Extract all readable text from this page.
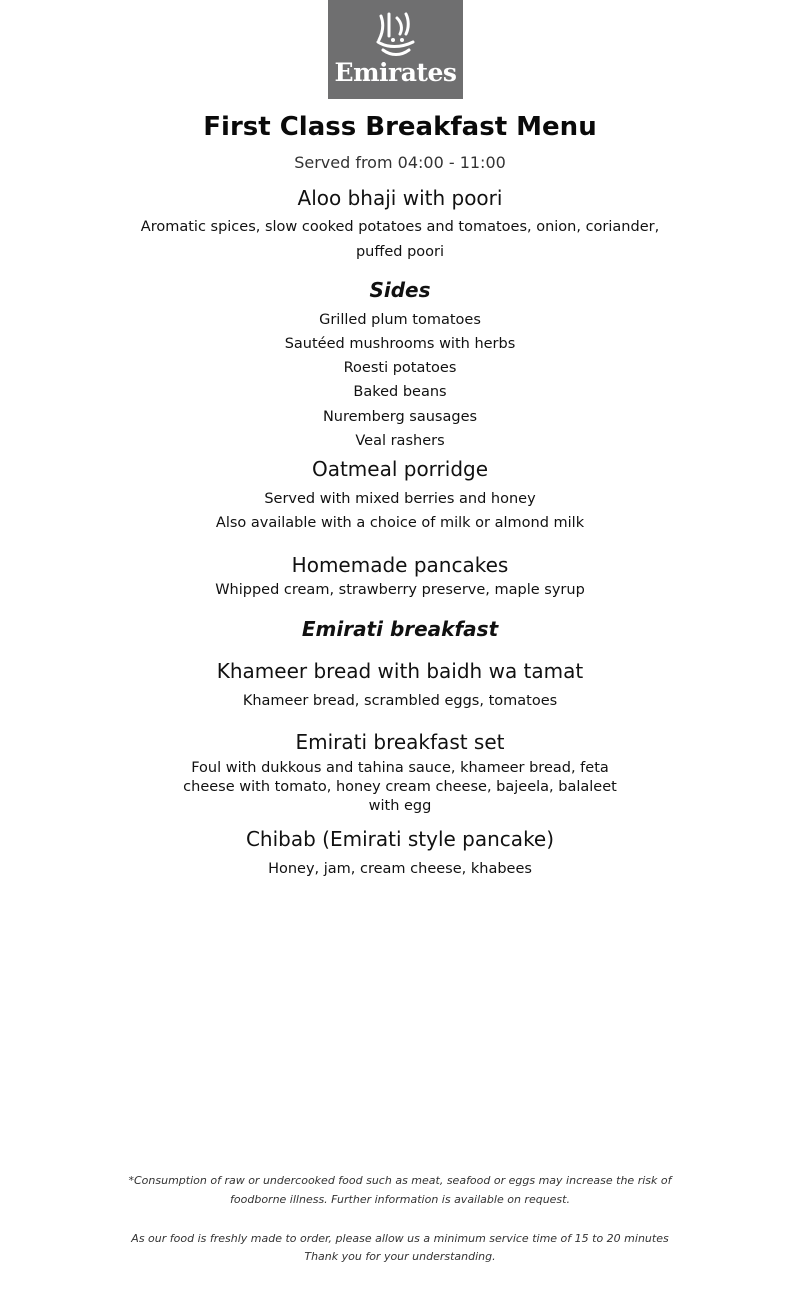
Emirates
First Class Breakfast Menu
Served from 04:00 - 11:00
Aloo bhaji with poori
Aromatic spices, slow cooked potatoes and tomatoes, onion, coriander,
puffed poori
Sides
Grilled plum tomatoes
Sautéed mushrooms with herbs
Roesti potatoes
Baked beans
Nuremberg sausages
Veal rashers
Oatmeal porridge
Served with mixed berries and honey
Also available with a choice of milk or almond milk
Homemade pancakes
Whipped cream, strawberry preserve, maple syrup
Emirati breakfast
Khameer bread with baidh wa tamat
Khameer bread, scrambled eggs, tomatoes
Emirati breakfast set
Foul with dukkous and tahina sauce, khameer bread, feta
cheese with tomato, honey cream cheese, bajeela, balaleet
with egg
Chibab (Emirati style pancake)
Honey, jam, cream cheese, khabees
*Consumption of raw or undercooked food such as meat, seafood or eggs may increase the risk of
foodborne illness. Further information is available on request.
As our food is freshly made to order, please allow us a minimum service time of 15 to 20 minutes
Thank you for your understanding.
